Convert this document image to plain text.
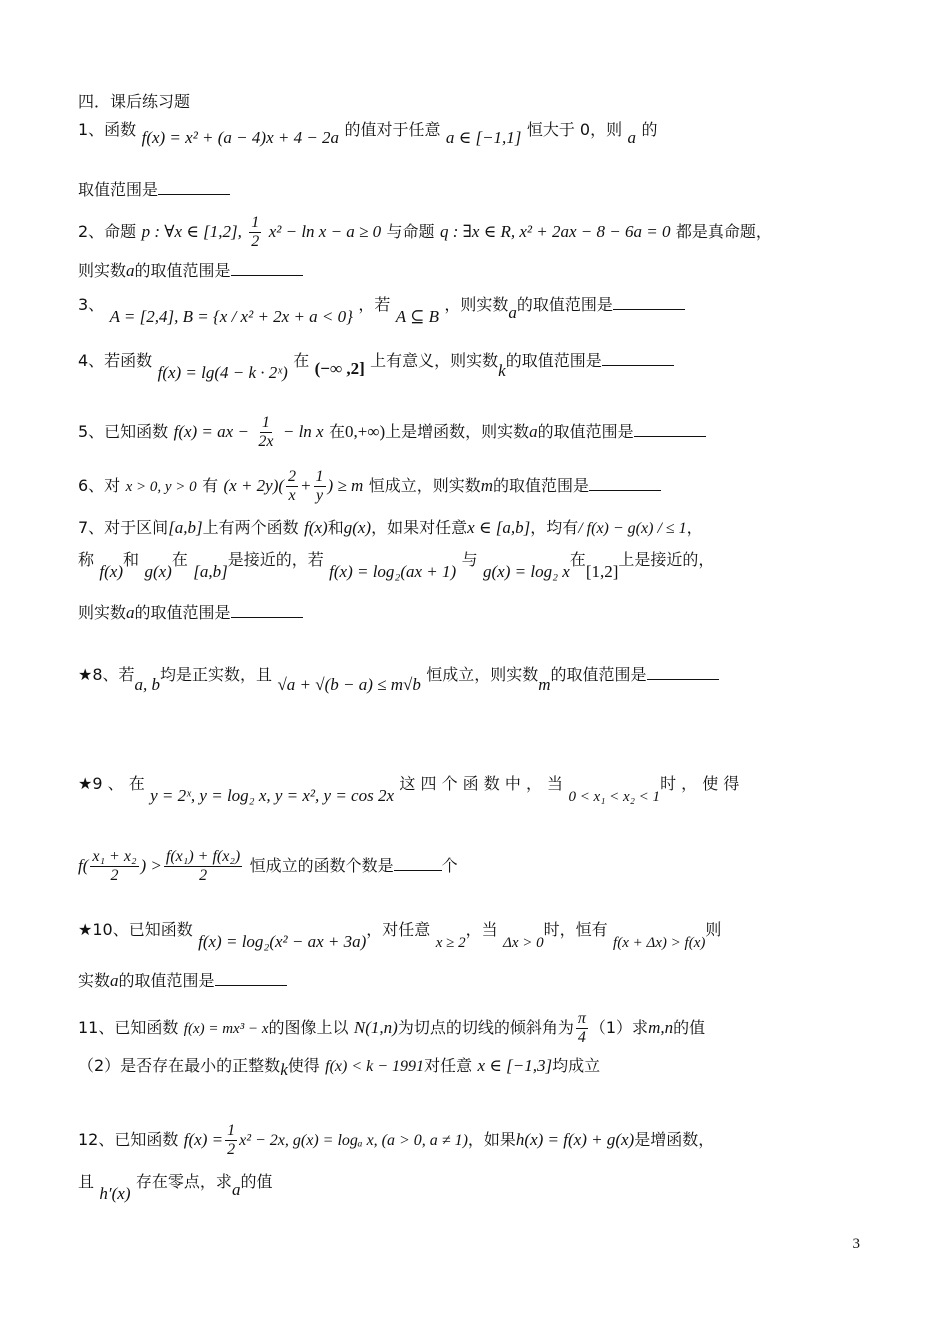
四．课后练习题
1、函数 f(x) = x² + (a − 4)x + 4 − 2a 的值对于任意 a ∈ [−1,1] 恒大于 0，则 a 的
取值范围是
2、命题 p : ∀x ∈ [1,2], $\frac{1}{2} x^2 - \ln x - a \ge 0$ 与命题 q : ∃x ∈ R, x² + 2ax − 8 − 6a = 0 都是真命题，
则实数a的取值范围是
3、 A = [2,4], B = {x / x² + 2x + a < 0} ，若 A ⊆ B ，则实数a的取值范围是
4、若函数 f(x) = lg(4 − k · 2ˣ) 在 (−∞ ,2] 上有意义，则实数k的取值范围是
5、已知函数 f(x) = ax − $\frac{1}{2x} - \ln x$ 在0,+∞)上是增函数，则实数a的取值范围是
6、对 x > 0, y > 0 有 $(x + 2y)( \frac{2}{x} + \frac{1}{y}$ ) ≥ m 恒成立，则实数m的取值范围是
7、对于区间[a,b]上有两个函数 f(x)和g(x)，如果对任意x ∈ [a,b]，均有/ f(x) − g(x) / ≤ 1，
称 f(x)和 g(x)在 [a,b]是接近的，若 f(x) = log₂(ax + 1) 与 g(x) = log₂ x在[1,2]上是接近的，
则实数a的取值范围是
★8、若a, b均是正实数，且 √a + √(b − a) ≤ m√b 恒成立，则实数m的取值范围是
★9 、 在 y = 2ˣ, y = log₂ x, y = x², y = cos 2x 这 四 个 函 数 中 ， 当 0 < x₁ < x₂ < 1时 ， 使 得
$f( \frac{\text{x₁ + x₂}}{2}$ ) > $\frac{\text{f(x₁) + f(x₂)}}{2}$ 恒成立的函数个数是	个
★10、已知函数 f(x) = log₂(x² − ax + 3a)，对任意 x ≥ 2，当 Δx > 0时，恒有 f(x + Δx) > f(x)则
实数a的取值范围是
11、已知函数 f(x) = mx³ − x的图像上以 N(1,n)为切点的切线的倾斜角为 $\frac{\pi}{4} (1)$求m,n的值
（2）是否存在最小的正整数k使得 f(x) < k − 1991对任意 x ∈ [−1,3]均成立
12、已知函数 $f(x) = \frac{1}{2} x^2 - 2x$, g(x) = logₐ x, (a > 0, a ≠ 1)，如果h(x) = f(x) + g(x)是增函数，
且 h′(x) 存在零点，求a的值
3
